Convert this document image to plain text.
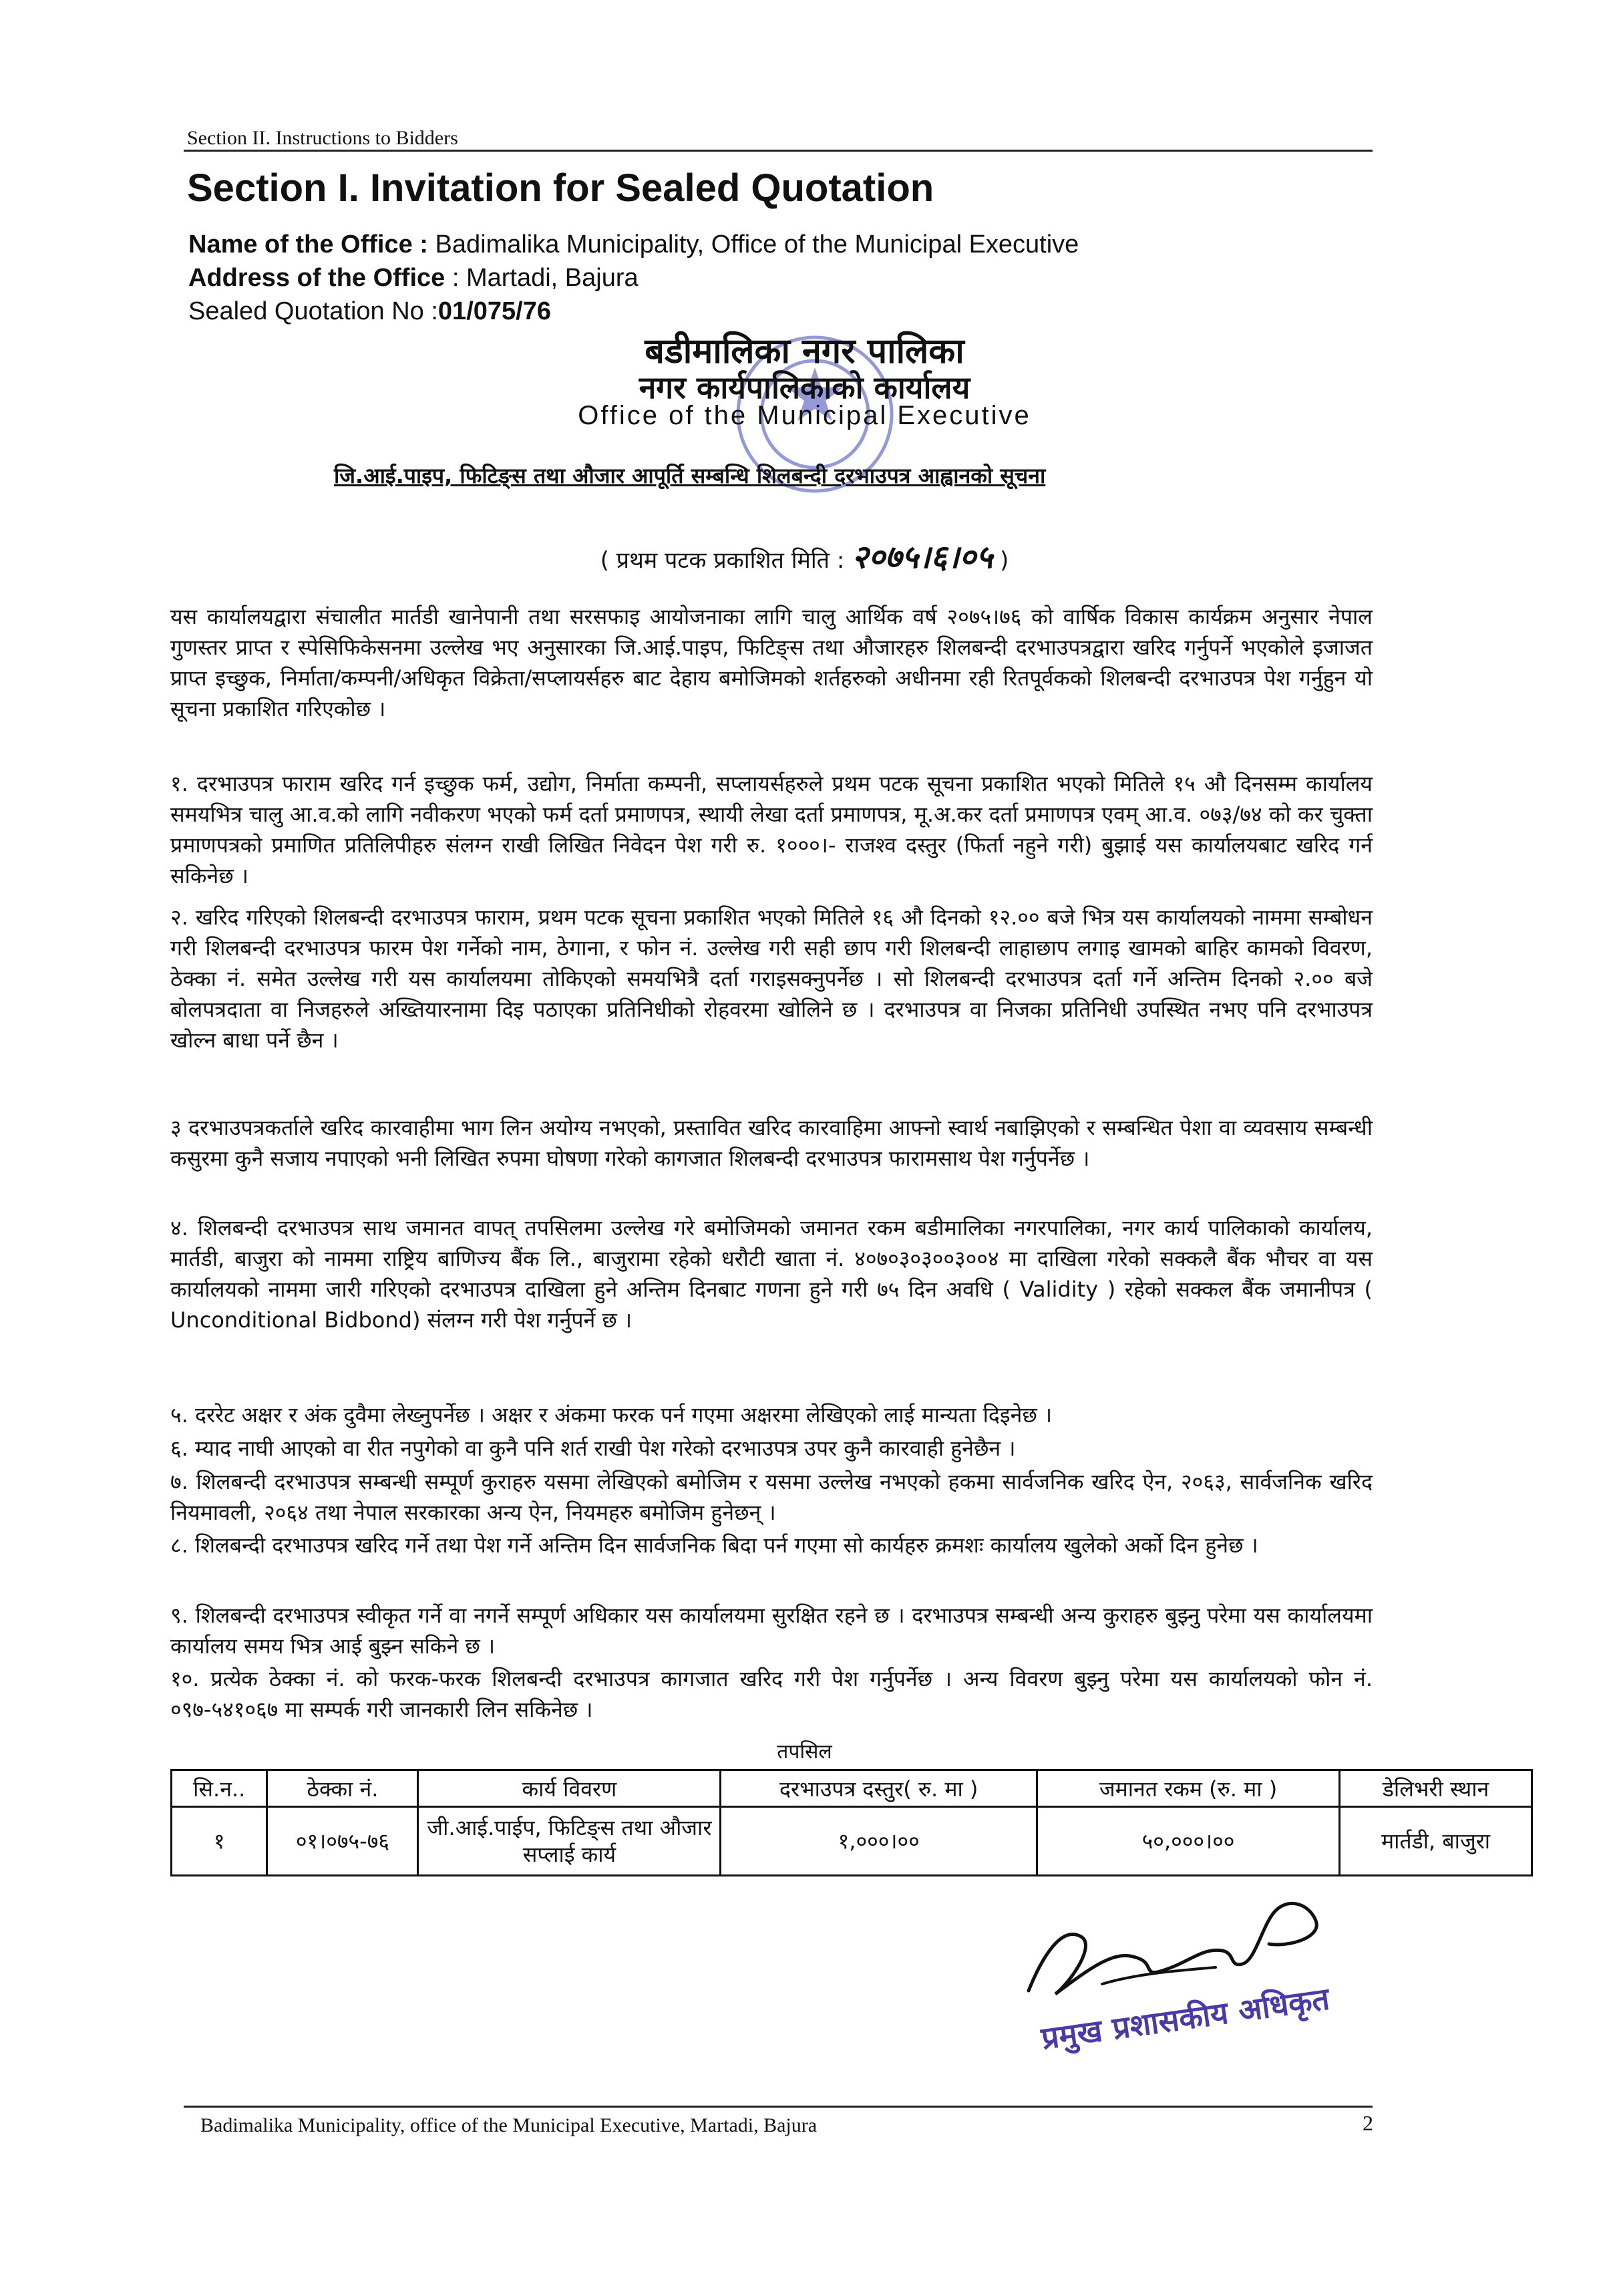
Section II. Instructions to Bidders
Section I. Invitation for Sealed Quotation
Name of the Office : Badimalika Municipality, Office of the Municipal Executive
Address of the Office : Martadi, Bajura
Sealed Quotation No :01/075/76
बडीमालिका नगर पालिका
नगर कार्यपालिकाको कार्यालय
Office of the Municipal Executive
जि.आई.पाइप, फिटिङ्स तथा औजार आपूर्ति सम्बन्धि शिलबन्दी दरभाउपत्र आह्वानको सूचना
( प्रथम पटक प्रकाशित मिति : २०७५।६।०५ )
यस कार्यालयद्वारा संचालीत मार्तडी खानेपानी तथा सरसफाइ आयोजनाका लागि चालु आर्थिक वर्ष २०७५।७६ को वार्षिक विकास कार्यक्रम अनुसार नेपाल गुणस्तर प्राप्त र स्पेसिफिकेसनमा उल्लेख भए अनुसारका जि.आई.पाइप, फिटिङ्स तथा औजारहरु शिलबन्दी दरभाउपत्रद्वारा खरिद गर्नुपर्ने भएकोले इजाजत प्राप्त इच्छुक, निर्माता/कम्पनी/अधिकृत विक्रेता/सप्लायर्सहरु बाट देहाय बमोजिमको शर्तहरुको अधीनमा रही रितपूर्वकको शिलबन्दी दरभाउपत्र पेश गर्नुहुन यो सूचना प्रकाशित गरिएकोछ ।
१. दरभाउपत्र फाराम खरिद गर्न इच्छुक फर्म, उद्योग, निर्माता कम्पनी, सप्लायर्सहरुले प्रथम पटक सूचना प्रकाशित भएको मितिले १५ औ दिनसम्म कार्यालय समयभित्र चालु आ.व.को लागि नवीकरण भएको फर्म दर्ता प्रमाणपत्र, स्थायी लेखा दर्ता प्रमाणपत्र, मू.अ.कर दर्ता प्रमाणपत्र एवम् आ.व. ०७३/७४ को कर चुक्ता प्रमाणपत्रको प्रमाणित प्रतिलिपीहरु संलग्न राखी लिखित निवेदन पेश गरी रु. १०००।- राजश्व दस्तुर (फिर्ता नहुने गरी) बुझाई यस कार्यालयबाट खरिद गर्न सकिनेछ ।
२. खरिद गरिएको शिलबन्दी दरभाउपत्र फाराम, प्रथम पटक सूचना प्रकाशित भएको मितिले १६ औ दिनको १२.०० बजे भित्र यस कार्यालयको नाममा सम्बोधन गरी शिलबन्दी दरभाउपत्र फारम पेश गर्नेको नाम, ठेगाना, र फोन नं. उल्लेख गरी सही छाप गरी शिलबन्दी लाहाछाप लगाइ खामको बाहिर कामको विवरण, ठेक्का नं. समेत उल्लेख गरी यस कार्यालयमा तोकिएको समयभित्रै दर्ता गराइसक्नुपर्नेछ । सो शिलबन्दी दरभाउपत्र दर्ता गर्ने अन्तिम दिनको २.०० बजे बोलपत्रदाता वा निजहरुले अख्तियारनामा दिइ पठाएका प्रतिनिधीको रोहवरमा खोलिने छ । दरभाउपत्र वा निजका प्रतिनिधी उपस्थित नभए पनि दरभाउपत्र खोल्न बाधा पर्ने छैन ।
३ दरभाउपत्रकर्ताले खरिद कारवाहीमा भाग लिन अयोग्य नभएको, प्रस्तावित खरिद कारवाहिमा आफ्नो स्वार्थ नबाझिएको र सम्बन्धित पेशा वा व्यवसाय सम्बन्धी कसुरमा कुनै सजाय नपाएको भनी लिखित रुपमा घोषणा गरेको कागजात शिलबन्दी दरभाउपत्र फारामसाथ पेश गर्नुपर्नेछ ।
४. शिलबन्दी दरभाउपत्र साथ जमानत वापत् तपसिलमा उल्लेख गरे बमोजिमको जमानत रकम बडीमालिका नगरपालिका, नगर कार्य पालिकाको कार्यालय, मार्तडी, बाजुरा को नाममा राष्ट्रिय बाणिज्य बैंक लि., बाजुरामा रहेको धरौटी खाता नं. ४०७०३०३००३००४ मा दाखिला गरेको सक्कलै बैंक भौचर वा यस कार्यालयको नाममा जारी गरिएको दरभाउपत्र दाखिला हुने अन्तिम दिनबाट गणना हुने गरी ७५ दिन अवधि ( Validity ) रहेको सक्कल बैंक जमानीपत्र ( Unconditional Bidbond) संलग्न गरी पेश गर्नुपर्ने छ ।
५. दररेट अक्षर र अंक दुवैमा लेख्नुपर्नेछ । अक्षर र अंकमा फरक पर्न गएमा अक्षरमा लेखिएको लाई मान्यता दिइनेछ ।
६. म्याद नाघी आएको वा रीत नपुगेको वा कुनै पनि शर्त राखी पेश गरेको दरभाउपत्र उपर कुनै कारवाही हुनेछैन ।
७. शिलबन्दी दरभाउपत्र सम्बन्धी सम्पूर्ण कुराहरु यसमा लेखिएको बमोजिम र यसमा उल्लेख नभएको हकमा सार्वजनिक खरिद ऐन, २०६३, सार्वजनिक खरिद नियमावली, २०६४ तथा नेपाल सरकारका अन्य ऐन, नियमहरु बमोजिम हुनेछन् ।
८. शिलबन्दी दरभाउपत्र खरिद गर्ने तथा पेश गर्ने अन्तिम दिन सार्वजनिक बिदा पर्न गएमा सो कार्यहरु क्रमशः कार्यालय खुलेको अर्को दिन हुनेछ ।
९. शिलबन्दी दरभाउपत्र स्वीकृत गर्ने वा नगर्ने सम्पूर्ण अधिकार यस कार्यालयमा सुरक्षित रहने छ । दरभाउपत्र सम्बन्धी अन्य कुराहरु बुझ्नु परेमा यस कार्यालयमा कार्यालय समय भित्र आई बुझ्न सकिने छ ।
१०. प्रत्येक ठेक्का नं. को फरक-फरक शिलबन्दी दरभाउपत्र कागजात खरिद गरी पेश गर्नुपर्नेछ । अन्य विवरण बुझ्नु परेमा यस कार्यालयको फोन नं. ०९७-५४१०६७ मा सम्पर्क गरी जानकारी लिन सकिनेछ ।
तपसिल
सि.न..	ठेक्का नं.	कार्य विवरण	दरभाउपत्र दस्तुर( रु. मा )	जमानत रकम (रु. मा )	डेलिभरी स्थान
१	०१।०७५-७६	जी.आई.पाईप, फिटिङ्स तथा औजार सप्लाई कार्य	१,०००।००	५०,०००।००	मार्तडी, बाजुरा
प्रमुख प्रशासकीय अधिकृत
Badimalika Municipality, office of the Municipal Executive, Martadi, Bajura	2
